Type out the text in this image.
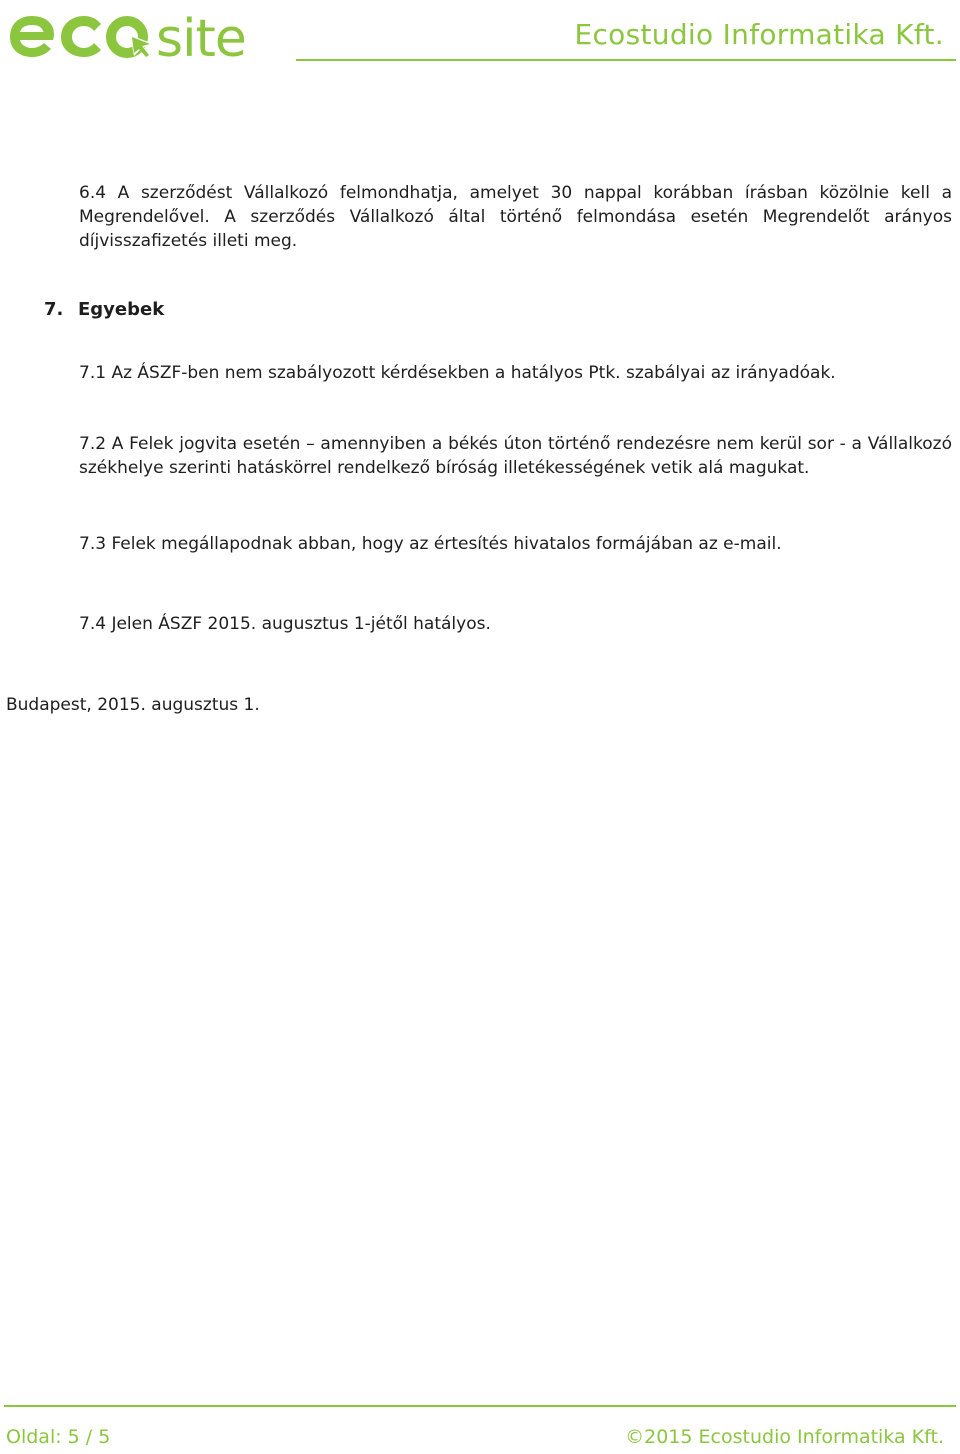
site	Ecostudio Informatika Kft.

6.4 A szerződést Vállalkozó felmondhatja, amelyet 30 nappal korábban írásban közölnie kell a Megrendelővel. A szerződés Vállalkozó által történő felmondása esetén Megrendelőt arányos díjvisszafizetés illeti meg.

7. Egyebek

7.1 Az ÁSZF-ben nem szabályozott kérdésekben a hatályos Ptk. szabályai az irányadóak.

7.2 A Felek jogvita esetén – amennyiben a békés úton történő rendezésre nem kerül sor - a Vállalkozó székhelye szerinti hatáskörrel rendelkező bíróság illetékességének vetik alá magukat.

7.3 Felek megállapodnak abban, hogy az értesítés hivatalos formájában az e-mail.

7.4 Jelen ÁSZF 2015. augusztus 1-jétől hatályos.

Budapest, 2015. augusztus 1.
Oldal: 5 / 5	©2015 Ecostudio Informatika Kft.
